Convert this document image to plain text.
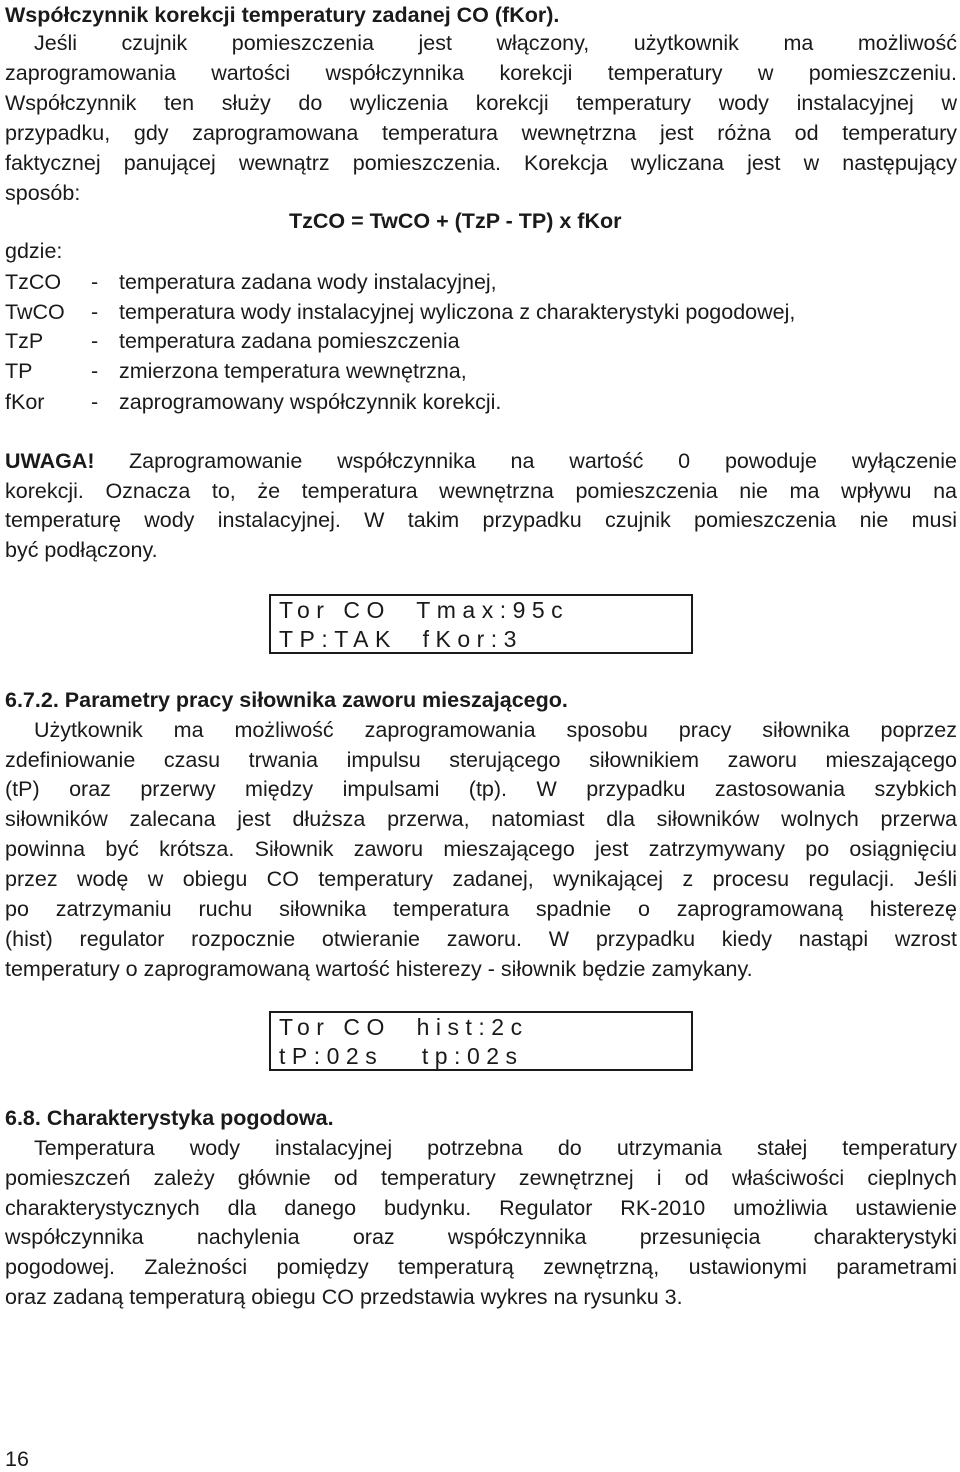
Współczynnik korekcji temperatury zadanej CO (fKor).
Jeśli czujnik pomieszczenia jest włączony, użytkownik ma możliwość
zaprogramowania wartości współczynnika korekcji temperatury w pomieszczeniu.
Współczynnik ten służy do wyliczenia korekcji temperatury wody instalacyjnej w
przypadku, gdy zaprogramowana temperatura wewnętrzna jest różna od temperatury
faktycznej panującej wewnątrz pomieszczenia. Korekcja wyliczana jest w następujący
sposób:
TzCO = TwCO + (TzP - TP) x fKor
gdzie:
TzCO - temperatura zadana wody instalacyjnej,
TwCO - temperatura wody instalacyjnej wyliczona z charakterystyki pogodowej,
TzP - temperatura zadana pomieszczenia
TP	- zmierzona temperatura wewnętrzna,
fKor - zaprogramowany współczynnik korekcji.
UWAGA!	Zaprogramowanie współczynnika na wartość 0 powoduje wyłączenie
korekcji. Oznacza to, że temperatura wewnętrzna pomieszczenia nie ma wpływu na
temperaturę wody instalacyjnej. W takim przypadku czujnik pomieszczenia nie musi
być podłączony.
Tor CO  Tmax:95c
TP:TAK  fKor:3
6.7.2. Parametry pracy siłownika zaworu mieszającego.
Użytkownik ma możliwość zaprogramowania sposobu pracy siłownika poprzez
zdefiniowanie czasu trwania impulsu sterującego siłownikiem zaworu mieszającego
(tP) oraz przerwy między impulsami (tp). W przypadku zastosowania szybkich
siłowników zalecana jest dłuższa przerwa, natomiast dla siłowników wolnych przerwa
powinna być krótsza. Siłownik zaworu mieszającego jest zatrzymywany po osiągnięciu
przez wodę w obiegu CO temperatury zadanej, wynikającej z procesu regulacji. Jeśli
po zatrzymaniu ruchu siłownika temperatura spadnie o zaprogramowaną histerezę
(hist) regulator rozpocznie otwieranie zaworu. W przypadku kiedy nastąpi wzrost
temperatury o zaprogramowaną wartość histerezy - siłownik będzie zamykany.
Tor CO  hist:2c
tP:02s   tp:02s
6.8. Charakterystyka pogodowa.
Temperatura wody instalacyjnej potrzebna do utrzymania stałej temperatury
pomieszczeń zależy głównie od temperatury zewnętrznej i od właściwości cieplnych
charakterystycznych dla danego budynku. Regulator RK-2010 umożliwia ustawienie
współczynnika nachylenia oraz współczynnika przesunięcia charakterystyki
pogodowej. Zależności pomiędzy temperaturą zewnętrzną, ustawionymi parametrami
oraz zadaną temperaturą obiegu CO przedstawia wykres na rysunku 3.
16
